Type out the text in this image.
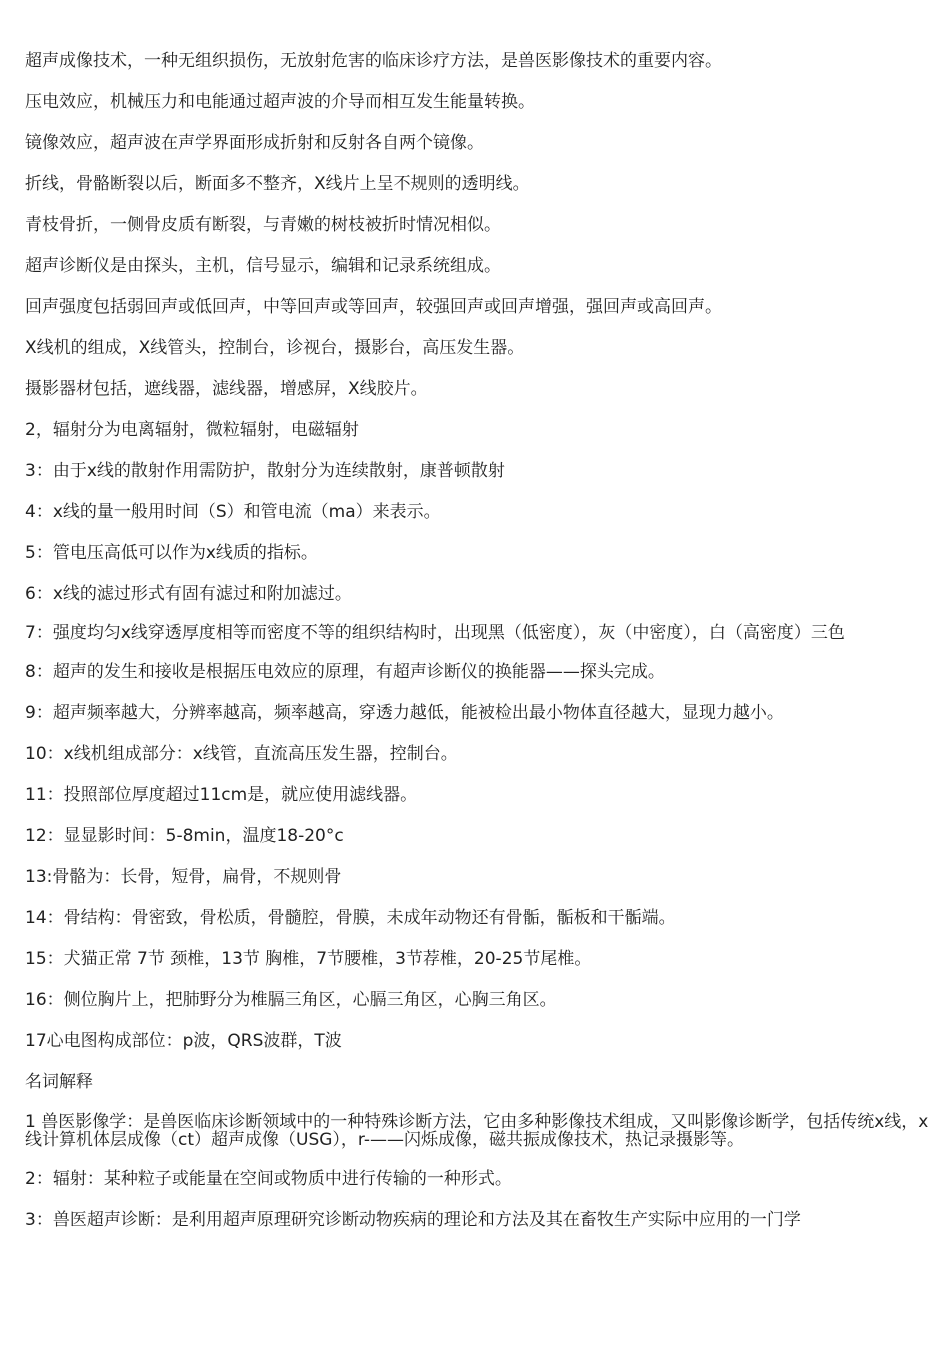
超声成像技术，一种无组织损伤，无放射危害的临床诊疗方法，是兽医影像技术的重要内容。

压电效应，机械压力和电能通过超声波的介导而相互发生能量转换。

镜像效应，超声波在声学界面形成折射和反射各自两个镜像。

折线，骨骼断裂以后，断面多不整齐，X线片上呈不规则的透明线。

青枝骨折，一侧骨皮质有断裂，与青嫩的树枝被折时情况相似。

超声诊断仪是由探头，主机，信号显示，编辑和记录系统组成。

回声强度包括弱回声或低回声，中等回声或等回声，较强回声或回声增强，强回声或高回声。

X线机的组成，X线管头，控制台，诊视台，摄影台，高压发生器。

摄影器材包括，遮线器，滤线器，增感屏，X线胶片。

2，辐射分为电离辐射，微粒辐射，电磁辐射

3：由于x线的散射作用需防护，散射分为连续散射，康普顿散射

4：x线的量一般用时间（S）和管电流（ma）来表示。

5：管电压高低可以作为x线质的指标。

6：x线的滤过形式有固有滤过和附加滤过。

7：强度均匀x线穿透厚度相等而密度不等的组织结构时，出现黑（低密度），灰（中密度），白（高密度）三色

8：超声的发生和接收是根据压电效应的原理，有超声诊断仪的换能器——探头完成。

9：超声频率越大，分辨率越高，频率越高，穿透力越低，能被检出最小物体直径越大，显现力越小。

10：x线机组成部分：x线管，直流高压发生器，控制台。

11：投照部位厚度超过11cm是，就应使用滤线器。

12：显显影时间：5-8min，温度18-20°c

13:骨骼为：长骨，短骨，扁骨，不规则骨

14：骨结构：骨密致，骨松质，骨髓腔，骨膜，未成年动物还有骨骺，骺板和干骺端。

15：犬猫正常 7节 颈椎，13节 胸椎，7节腰椎，3节荐椎，20-25节尾椎。

16：侧位胸片上，把肺野分为椎膈三角区，心膈三角区，心胸三角区。

17心电图构成部位：p波，QRS波群，T波

名词解释

1 兽医影像学：是兽医临床诊断领域中的一种特殊诊断方法，它由多种影像技术组成，又叫影像诊断学，包括传统x线，x线计算机体层成像（ct）超声成像（USG），r-——闪烁成像，磁共振成像技术，热记录摄影等。

2：辐射：某种粒子或能量在空间或物质中进行传输的一种形式。

3：兽医超声诊断：是利用超声原理研究诊断动物疾病的理论和方法及其在畜牧生产实际中应用的一门学
